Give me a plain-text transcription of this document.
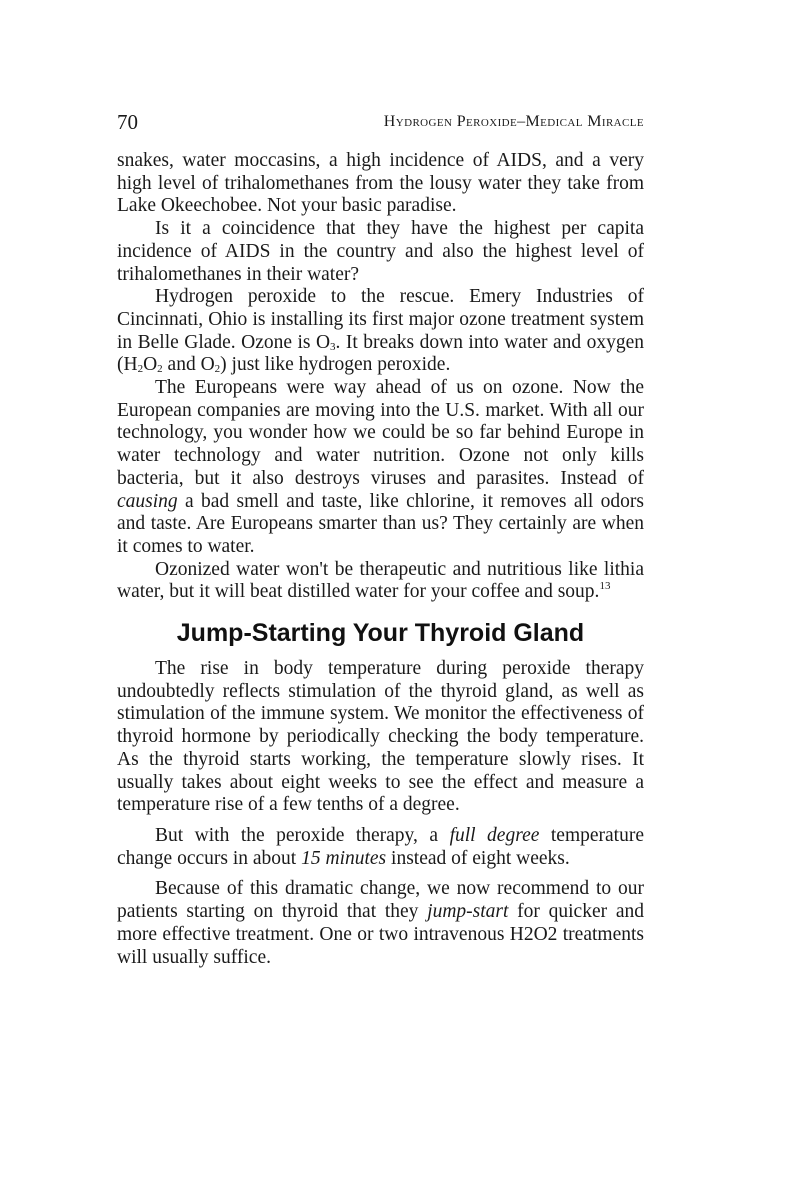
70	Hydrogen Peroxide–Medical Miracle

snakes, water moccasins, a high incidence of AIDS, and a very high level of trihalomethanes from the lousy water they take from Lake Okeechobee. Not your basic paradise.

Is it a coincidence that they have the highest per capita incidence of AIDS in the country and also the highest level of trihalomethanes in their water?

Hydrogen peroxide to the rescue. Emery Industries of Cincinnati, Ohio is installing its first major ozone treatment system in Belle Glade. Ozone is $O_3$. It breaks down into water and oxygen ($H_2O_2$ and $O_2$) just like hydrogen peroxide.

The Europeans were way ahead of us on ozone. Now the European companies are moving into the U.S. market. With all our technology, you wonder how we could be so far behind Europe in water technology and water nutrition. Ozone not only kills bacteria, but it also destroys viruses and parasites. Instead of causing a bad smell and taste, like chlorine, it removes all odors and taste. Are Europeans smarter than us? They certainly are when it comes to water.

Ozonized water won't be therapeutic and nutritious like lithia water, but it will beat distilled water for your coffee and soup.$^{13}$

Jump-Starting Your Thyroid Gland

The rise in body temperature during peroxide therapy undoubtedly reflects stimulation of the thyroid gland, as well as stimulation of the immune system. We monitor the effectiveness of thyroid hormone by periodically checking the body temperature. As the thyroid starts working, the temperature slowly rises. It usually takes about eight weeks to see the effect and measure a temperature rise of a few tenths of a degree.

But with the peroxide therapy, a full degree temperature change occurs in about 15 minutes instead of eight weeks.

Because of this dramatic change, we now recommend to our patients starting on thyroid that they jump-start for quicker and more effective treatment. One or two intravenous H2O2 treatments will usually suffice.
